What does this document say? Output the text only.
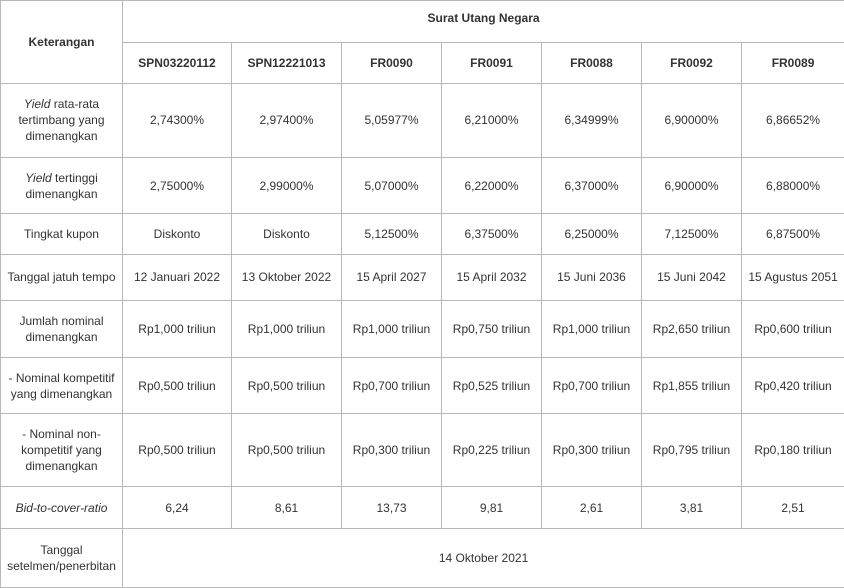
Keterangan	Surat Utang Negara						
	SPN03220112	SPN12221013	FR0090	FR0091	FR0088	FR0092	FR0089
Yield rata-rata tertimbang yang dimenangkan	2,74300%	2,97400%	5,05977%	6,21000%	6,34999%	6,90000%	6,86652%
Yield tertinggi dimenangkan	2,75000%	2,99000%	5,07000%	6,22000%	6,37000%	6,90000%	6,88000%
Tingkat kupon	Diskonto	Diskonto	5,12500%	6,37500%	6,25000%	7,12500%	6,87500%
Tanggal jatuh tempo	12 Januari 2022	13 Oktober 2022	15 April 2027	15 April 2032	15 Juni 2036	15 Juni 2042	15 Agustus 2051
Jumlah nominal dimenangkan	Rp1,000 triliun	Rp1,000 triliun	Rp1,000 triliun	Rp0,750 triliun	Rp1,000 triliun	Rp2,650 triliun	Rp0,600 triliun
- Nominal kompetitif yang dimenangkan	Rp0,500 triliun	Rp0,500 triliun	Rp0,700 triliun	Rp0,525 triliun	Rp0,700 triliun	Rp1,855 triliun	Rp0,420 triliun
- Nominal non-kompetitif yang dimenangkan	Rp0,500 triliun	Rp0,500 triliun	Rp0,300 triliun	Rp0,225 triliun	Rp0,300 triliun	Rp0,795 triliun	Rp0,180 triliun
Bid-to-cover-ratio	6,24	8,61	13,73	9,81	2,61	3,81	2,51
Tanggal setelmen/penerbitan	14 Oktober 2021						
